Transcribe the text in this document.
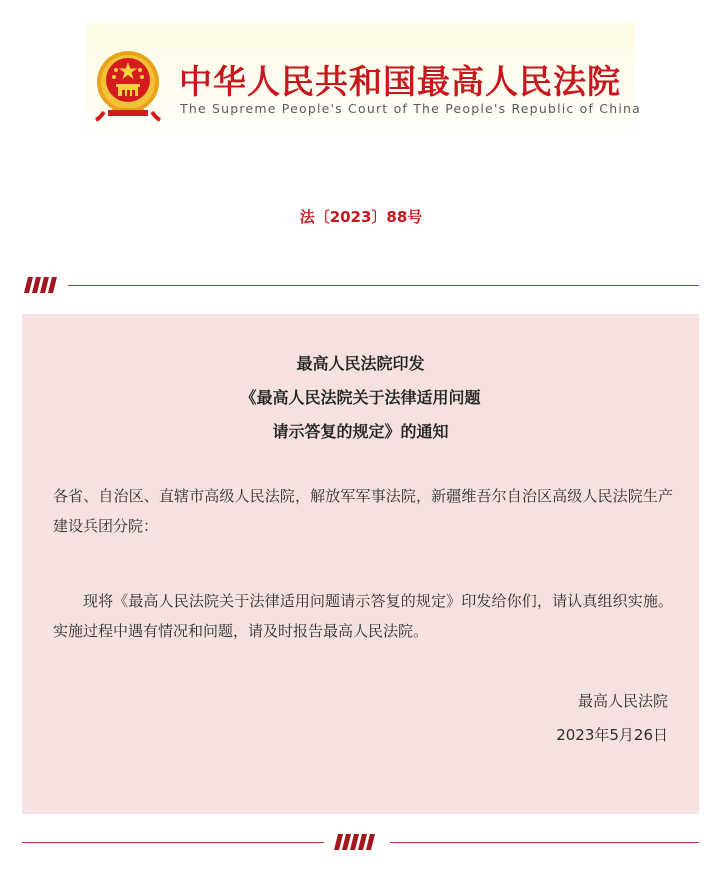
中华人民共和国最高人民法院
The Supreme People's Court of The People's Republic of China
法〔2023〕88号
最高人民法院印发
《最高人民法院关于法律适用问题
请示答复的规定》的通知

各省、自治区、直辖市高级人民法院，解放军军事法院，新疆维吾尔自治区高级人民法院生产建设兵团分院：

现将《最高人民法院关于法律适用问题请示答复的规定》印发给你们，请认真组织实施。实施过程中遇有情况和问题，请及时报告最高人民法院。

最高人民法院
2023年5月26日
